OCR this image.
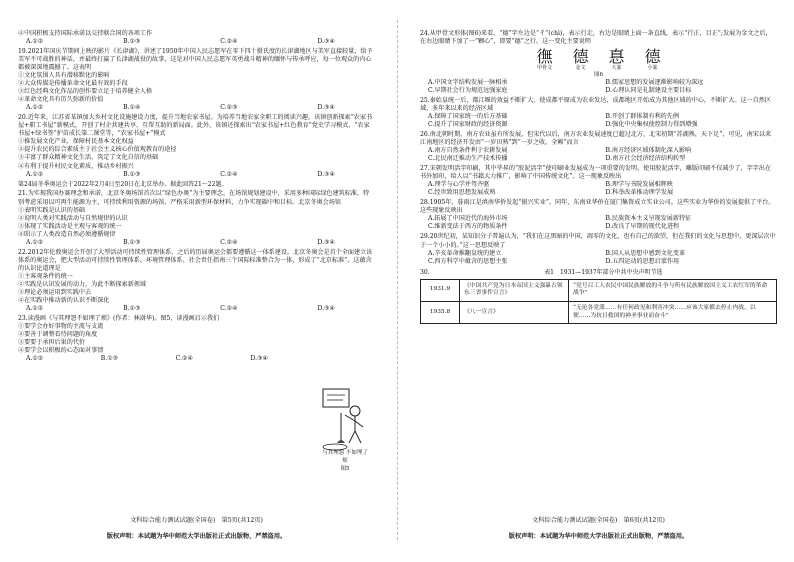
④中国积极支持国际承诺以交持联合国的各项工作

A.①②	B.①③	C.②④	D.③④

19.2021年国庆节期间上映的影片《长津湖》，讲述了1950年中国人民志愿军在零下四十摄氏度的长津湖地区与美军直接较量，给予美军不可战胜的神话，并最终打赢了长津湖战役的故事，这是对中国人民志愿军英勇战斗精神的缅怀与传承呼应，每一位观众的内心都被深深地震撼了。这表明

①文化氛围人具有潜移默化的影响

②大众传媒是传播革命文化最有效的手段

③红色经典文化作品的创作要立足于培养健全人格

④革命文化具有历久弥新的价值

A.①②	B.①④	C.②③	D.③④

20.近年来，江苏省某镇加大乡村文化设施建设力度，提升当地农家书屋。为培养当地农家全职工的阅读兴趣，该镇创新探索“农家书屋+职工书屋”新模式，开创了村企共建共享、互帮互助的新局面。此外，该镇还探索出“农家书屋+红色教育”党史学习模式，“农家书屋+绿书签”护苗成长第二课堂等，“农家书屋+”模式

①推发展文化产业，保障村民基本文化权益

②提升农民的综合素质主于社会主义核心价值观教育的途径

③丰富了群众精神文化生活，筑定了文化自信的基础

④有利于提升村民文化素质，推动乡村振兴

A.①②	B.①③	C.②④	D.③④

第24届冬季奥运会于2022年2月4日至20日在北京举办。据此回答21～22题。

21.为实现我国办赛理念和承诺，北京冬奥场馆首次以“绿色办奥”为主要理念。在场馆规划建设中，采用多种国际绿色建筑标准，特别考虑采用以可再生能源为主，可持续利用资源的场馆，严格采用新型环保材料，力争实现碳中和目标。北京冬奥会场馆

①表明实践是认识的基础

②说明人类对实践活动与自然规律的认识

③体现了实践活动是主观与客观的统一

④昭示了人类改造自然必须遵循规律

A.①②	B.①③	C.②④	D.③④

22.2012年伦敦奥运会开创了大型活动可持续性管理体系，之后的历届奥运会都要遵循这一体系建设。北京冬奥会是首个全面建立该体系的奥运会，把大型活动可持续性管理体系、环境管理体系、社会责任指南三个国际标准整合为一体，形成了“北京标准”。这蕴含的认识论道理是

①主客观条件的统一

②实践是认识发展的动力，为此不断探索新领域

③理论必须运用到实践中去

④在实践中推动新的认识不断深化

A.①②	B.①③	C.②④	D.③④

23.读漫画《与其埋怨不如埋了烦》(作者：林澍华)。图5，读漫画启示我们

①要学会办好事物的主流与支流

②要善于调整看待问题的角度

③要要于承担后果的代价

④要学会以积极的心态面对事情

A.①②	B.①③	C.②④	D.③④
与其埋怨 不如埋了烦
图5
文科综合能力测试试题(全国卷)　第5页(共12页)
版权声明：本试题为华中师范大学出版社正式出版物，严禁盗用。

24.从甲骨文形体(图6)来看，“德”字左边是“彳”(chì)，表示行走，右边是眼睛上面一条直线，表示“行正，目正”;发展为金文之后，在右边眼睛下加了一“颗心”，即要“德”之行。这一变化主要说明

㣳
甲骨文
德
金文
惪
大篆
德
小篆
图6
A.中国文字结构发展一脉相承	B.儒家思想的发展逐渐影响较为深远
C.早期社会行为规范远强家庭	D.心理认同是礼制建设主要目标

25.秦始皇统一后，都江堰的效益不断扩大，使成都平原成为农业发达，成都地区开始成为其他区域的中心，不断扩大。这一自然区域，多年来以来的经济区域

A.保障了国家统一的后方基础	B.开创了群体制有利的先例
C.提升了国家财政的经济资源	D.强化中央集权使控制力得到增强

26.南北朝时期，南方农业虽有所发展，但宋代以后，南方农业发展速度已超过北方，北宋初期“苏湖熟，天下足”，可见，南宋以来江南地区的经济开发由“一岁田熟”到“一岁之收，全赖”而言

A.南方自然条件利于农耕发展	B.南方经济区域体制化深入影响
C.北民南迁推动生产技术传播	D.南方社会经济经济结构转型

27.宋朝发明活字印刷，其中毕昇的“胶泥活字”使印刷业发展成为一项重要的发明。使用胶泥活字，雕版印刷不仅减少了，字字出在书外加印，给人以“书籍大力推广，影响了中国传统文化”。这一现象反映出

A.理学与心学并驾齐驱	B.理学与书院发展相辉映
C.经世致用思想发展成熟	D.科举改革推动理学发展

28.1905年，暮雨江是滇南华侨发起“振兴实业”。同年，东南亚华侨在厦门集资成立实业公司。这些实业为华侨的发展提供了平台。这些现象反映出

A.拓展了中国近代的海外市场	B.民族资本主义呈现发展新特征
C.维新变法于西方的物质条件	D.改良了早期的现代化进程

29.20世纪初，某知识分子普遍认为，“我们在这黑暗的中国，凋零的文化，也有自己的欲望，但在我们的文化与思想中，更深层次中于一个小小的。”这一思想反映了

A.辛亥革命推翻皇统的建立	B.国人从思想中感到文化变革
C.西方科学中蕴含的思想主张	D.五四运动的思想启蒙作用
30.	表1　1931—1937年部分中共中央声明节选
1931.9	《中国共产党为日本帝国主义强暴占领东三省事件宣言》	“党号召工人农民中国民族解放的斗争与所有民族解放国主义工农红军的革命战争”
1935.8	《八一宣言》	“无论各党派……有任何政见和利害冲突……应该大家都去停止内战，以便……为抗日救国的神圣事业而奋斗”
文科综合能力测试试题(全国卷)　第6页(共12页)
版权声明：本试题为华中师范大学出版社正式出版物，严禁盗用。
